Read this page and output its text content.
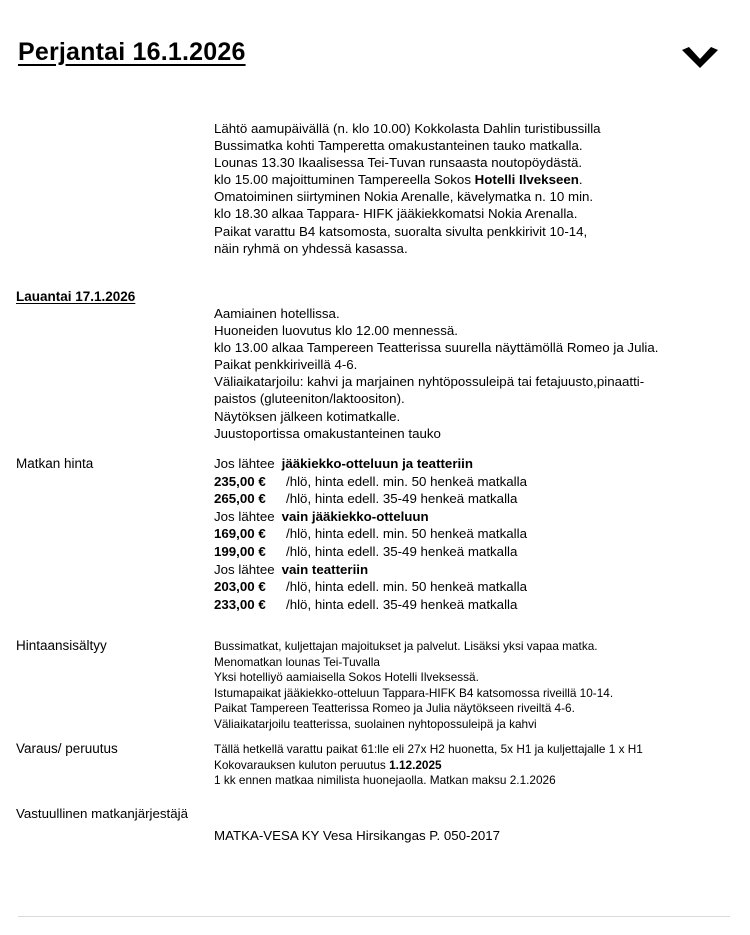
Perjantai 16.1.2026
Lähtö aamupäivällä (n. klo 10.00) Kokkolasta Dahlin turistibussilla
Bussimatka kohti Tamperetta omakustanteinen tauko matkalla.
Lounas 13.30 Ikaalisessa Tei-Tuvan runsaasta noutopöydästä.
klo 15.00 majoittuminen Tampereella Sokos Hotelli Ilvekseen.
Omatoiminen siirtyminen Nokia Arenalle, kävelymatka n. 10 min.
klo 18.30 alkaa Tappara- HIFK jääkiekkomatsi Nokia Arenalla.
Paikat varattu B4 katsomosta, suoralta sivulta penkkirivit 10-14,
näin ryhmä on yhdessä kasassa.
Lauantai 17.1.2026
Aamiainen hotellissa.
Huoneiden luovutus klo 12.00 mennessä.
klo 13.00 alkaa Tampereen Teatterissa suurella näyttämöllä Romeo ja Julia.
Paikat penkkiriveillä 4-6.
Väliaikatarjoilu: kahvi ja marjainen nyhtöpossuleipä tai fetajuusto,pinaatti-
paistos (gluteeniton/laktoositon).
Näytöksen jälkeen kotimatkalle.
Juustoportissa omakustanteinen tauko
Matkan hinta	Jos lähtee jääkiekko-otteluun ja teatteriin
235,00 €	/hlö, hinta edell. min. 50 henkeä matkalla
265,00 €	/hlö, hinta edell. 35-49 henkeä matkalla
Jos lähtee vain jääkiekko-otteluun
169,00 €	/hlö, hinta edell. min. 50 henkeä matkalla
199,00 €	/hlö, hinta edell. 35-49 henkeä matkalla
Jos lähtee vain teatteriin
203,00 €	/hlö, hinta edell. min. 50 henkeä matkalla
233,00 €	/hlö, hinta edell. 35-49 henkeä matkalla
Hintaansisältyy	Bussimatkat, kuljettajan majoitukset ja palvelut. Lisäksi yksi vapaa matka.
Menomatkan lounas Tei-Tuvalla
Yksi hotelliyö aamiaisella Sokos Hotelli Ilveksessä.
Istumapaikat jääkiekko-otteluun Tappara-HIFK B4 katsomossa riveillä 10-14.
Paikat Tampereen Teatterissa Romeo ja Julia näytökseen riveiltä 4-6.
Väliaikatarjoilu teatterissa, suolainen nyhtopossuleipä ja kahvi
Varaus/ peruutus	Tällä hetkellä varattu paikat 61:lle eli 27x H2 huonetta, 5x H1 ja kuljettajalle 1 x H1
Kokovarauksen kuluton peruutus 1.12.2025
1 kk ennen matkaa nimilista huonejaolla. Matkan maksu 2.1.2026
Vastuullinen matkanjärjestäjä
MATKA-VESA KY Vesa Hirsikangas P. 050-2017
